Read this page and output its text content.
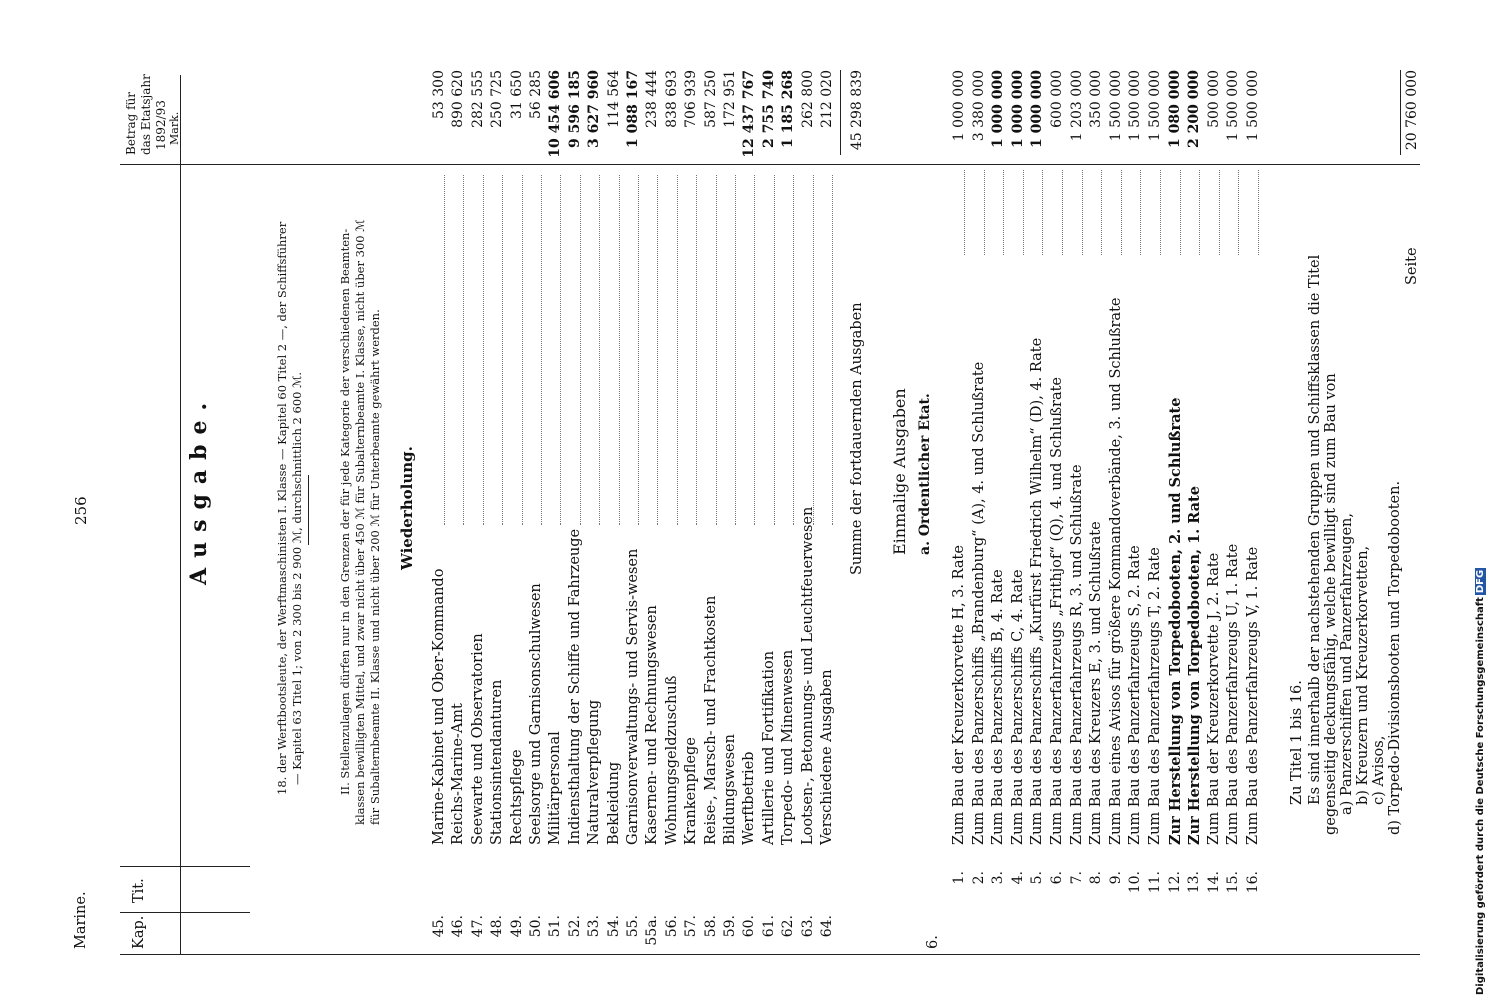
Marine.
256	Ausgabe.
Kap.
Tit.
Betrag für das Etatsjahr 1892/93 Mark.
18. der Werftbootsleute, der Werftmaschinisten I. Klasse — Kapitel 60 Titel 2 —, der Schiffsführer — Kapitel 63 Titel 1; von 2 300 bis 2 900 ℳ, durchschnittlich 2 600 ℳ.	II. Stellenzulagen dürfen nur in den Grenzen der für jede Kategorie der verschiedenen Beamten- klassen bewilligten Mittel, und zwar nicht über 450 ℳ für Subalternbeamte I. Klasse, nicht über 300 ℳ für Subalternbeamte II. Klasse und nicht über 200 ℳ für Unterbeamte gewährt werden. Wiederholung.
45.
Marine-Kabinet und Ober-Kommando
53 300
46.
Reichs-Marine-Amt
890 620
47.
Seewarte und Observatorien
282 555
48.
Stationsintendanturen
250 725
49.
Rechtspflege
31 650
50.
Seelsorge und Garnisonschulwesen
56 285
51.
Militärpersonal
10 454 606
52.
Indiensthaltung der Schiffe und Fahrzeuge
9 596 185
53.
Naturalverpflegung
3 627 960
54.
Bekleidung
114 564
55.
Garnisonverwaltungs- und Servis-wesen
1 088 167
55a.
Kasernen- und Rechnungswesen
238 444
56.
Wohnungsgeldzuschuß
838 693
57.
Krankenpflege
706 939
58.
Reise-, Marsch- und Frachtkosten
587 250
59.
Bildungswesen
172 951
60.
Werftbetrieb
12 437 767
61.
Artillerie und Fortifikation
2 755 740
62.
Torpedo- und Minenwesen
1 185 268
63.
Lootsen-, Betonnungs- und Leuchtfeuerwesen
262 800
64.
Verschiedene Ausgaben
212 020
Summe der fortdauernden Ausgaben
45 298 839
Einmalige Ausgaben a. Ordentlicher Etat.
6.
1.
Zum Bau der Kreuzerkorvette H, 3. Rate
1 000 000
2.
Zum Bau des Panzerschiffs „Brandenburg“ (A), 4. und Schlußrate
3 380 000
3.
Zum Bau des Panzerschiffs B, 4. Rate
1 000 000
4.
Zum Bau des Panzerschiffs C, 4. Rate
1 000 000
5.
Zum Bau des Panzerschiffs „Kurfürst Friedrich Wilhelm“ (D), 4. Rate
1 000 000
6.
Zum Bau des Panzerfahrzeugs „Frithjof“ (Q), 4. und Schlußrate
600 000
7.
Zum Bau des Panzerfahrzeugs R, 3. und Schlußrate
1 203 000
8.
Zum Bau des Kreuzers E, 3. und Schlußrate
350 000
9.
Zum Bau eines Avisos für größere Kommandoverbände, 3. und Schlußrate
1 500 000
10.
Zum Bau des Panzerfahrzeugs S, 2. Rate
1 500 000
11.
Zum Bau des Panzerfahrzeugs T, 2. Rate
1 500 000
12.
Zur Herstellung von Torpedobooten, 2. und Schlußrate
1 080 000
13.
Zur Herstellung von Torpedobooten, 1. Rate
2 200 000
14.
Zum Bau der Kreuzerkorvette J, 2. Rate
500 000
15.
Zum Bau des Panzerfahrzeugs U, 1. Rate
1 500 000
16.
Zum Bau des Panzerfahrzeugs V, 1. Rate
1 500 000
Zu Titel 1 bis 16. Es sind innerhalb der nachstehenden Gruppen und Schiffsklassen die Titel gegenseitig deckungsfähig, welche bewilligt sind zum Bau von a) Panzerschiffen und Panzerfahrzeugen, b) Kreuzern und Kreuzerkorvetten, c) Avisos, d) Torpedo-Divisionsbooten und Torpedobooten.
Seite
20 760 000
Digitalisierung gefördert durch die Deutsche ForschungsgemeinschaftDFG
